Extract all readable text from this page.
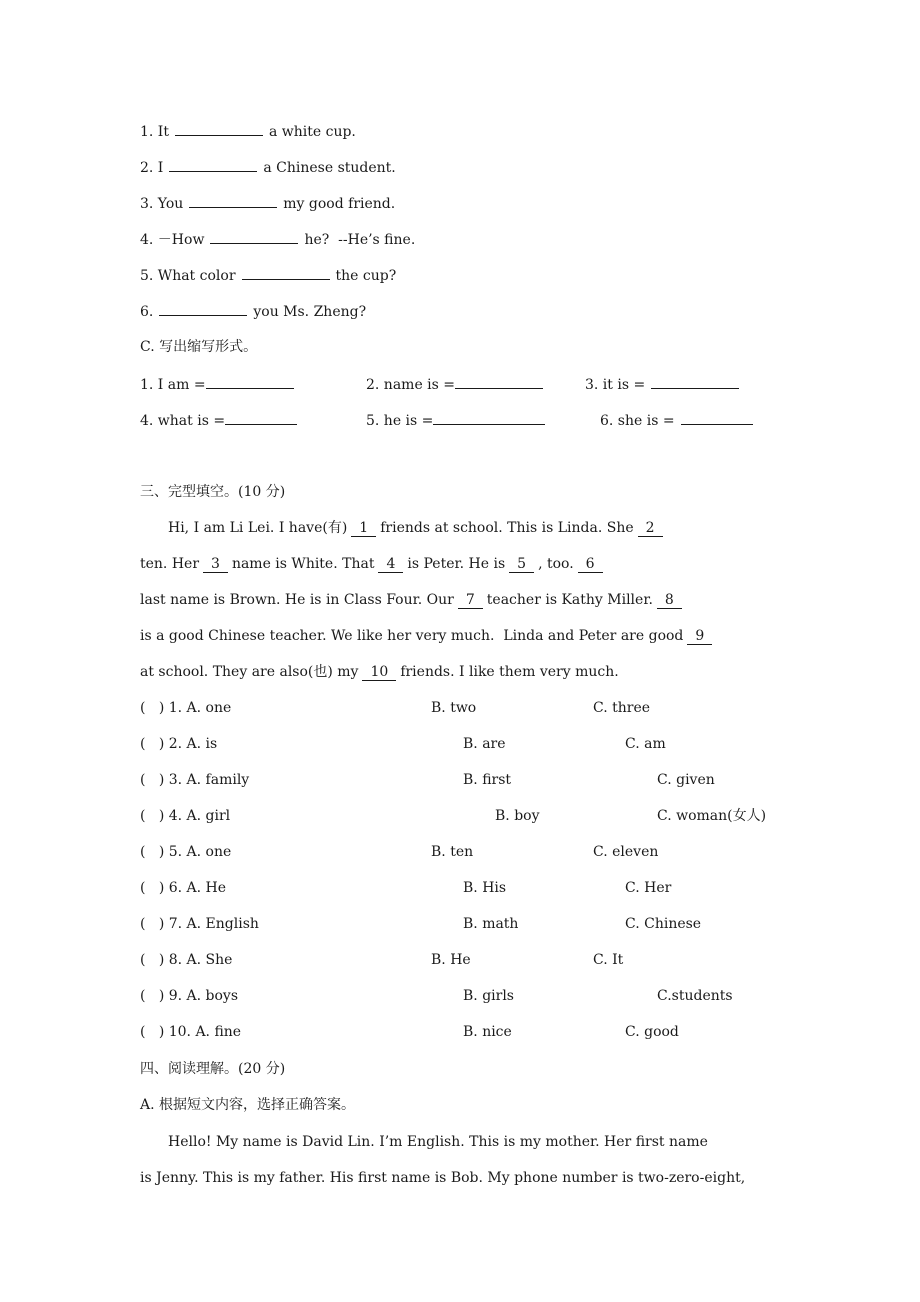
1. It	a white cup.
2. I	a Chinese student.
3. You	my good friend.
4. －How	he?  --He’s fine.
5. What color	the cup?
6.	you Ms. Zheng?
C. 写出缩写形式。
1. I am =	2. name is =	3. it is =
4. what is =	5. he is =	6. she is =
三、完型填空。(10 分)
Hi, I am Li Lei. I have(有) 1 friends at school. This is Linda. She 2
ten. Her 3 name is White. That 4 is Peter. He is 5 , too. 6
last name is Brown. He is in Class Four. Our 7 teacher is Kathy Miller. 8
is a good Chinese teacher. We like her very much.  Linda and Peter are good 9
at school. They are also(也) my 10 friends. I like them very much.
(   ) 1. A. one	B. two	C. three
(   ) 2. A. is	B. are	C. am
(   ) 3. A. family	B. first	C. given
(   ) 4. A. girl	B. boy	C. woman(女人)
(   ) 5. A. one	B. ten	C. eleven
(   ) 6. A. He	B. His	C. Her
(   ) 7. A. English	B. math	C. Chinese
(   ) 8. A. She	B. He	C. It
(   ) 9. A. boys	B. girls	C.students
(   ) 10. A. fine	B. nice	C. good
四、阅读理解。(20 分)
A. 根据短文内容，选择正确答案。
Hello! My name is David Lin. I’m English. This is my mother. Her first name
is Jenny. This is my father. His first name is Bob. My phone number is two-zero-eight,
